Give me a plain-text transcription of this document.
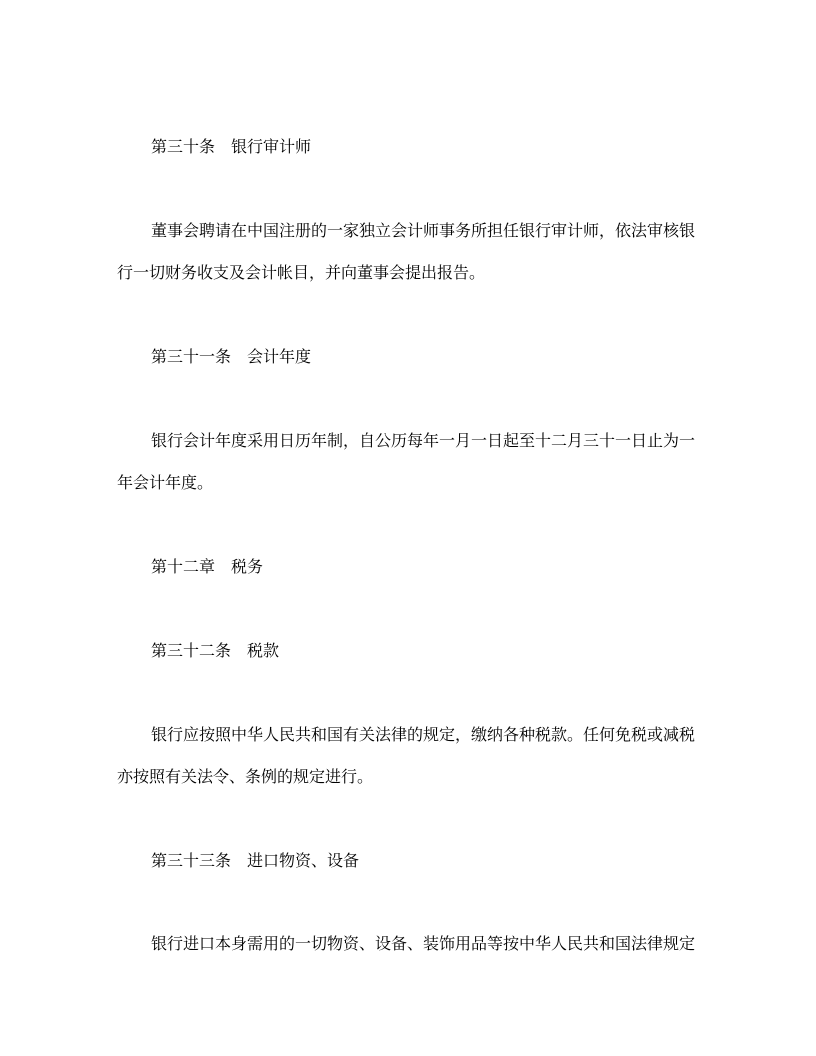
第三十条　银行审计师
董事会聘请在中国注册的一家独立会计师事务所担任银行审计师，依法审核银
行一切财务收支及会计帐目，并向董事会提出报告。
第三十一条　会计年度
银行会计年度采用日历年制，自公历每年一月一日起至十二月三十一日止为一
年会计年度。
第十二章　税务
第三十二条　税款
银行应按照中华人民共和国有关法律的规定，缴纳各种税款。任何免税或减税
亦按照有关法令、条例的规定进行。
第三十三条　进口物资、设备
银行进口本身需用的一切物资、设备、装饰用品等按中华人民共和国法律规定
